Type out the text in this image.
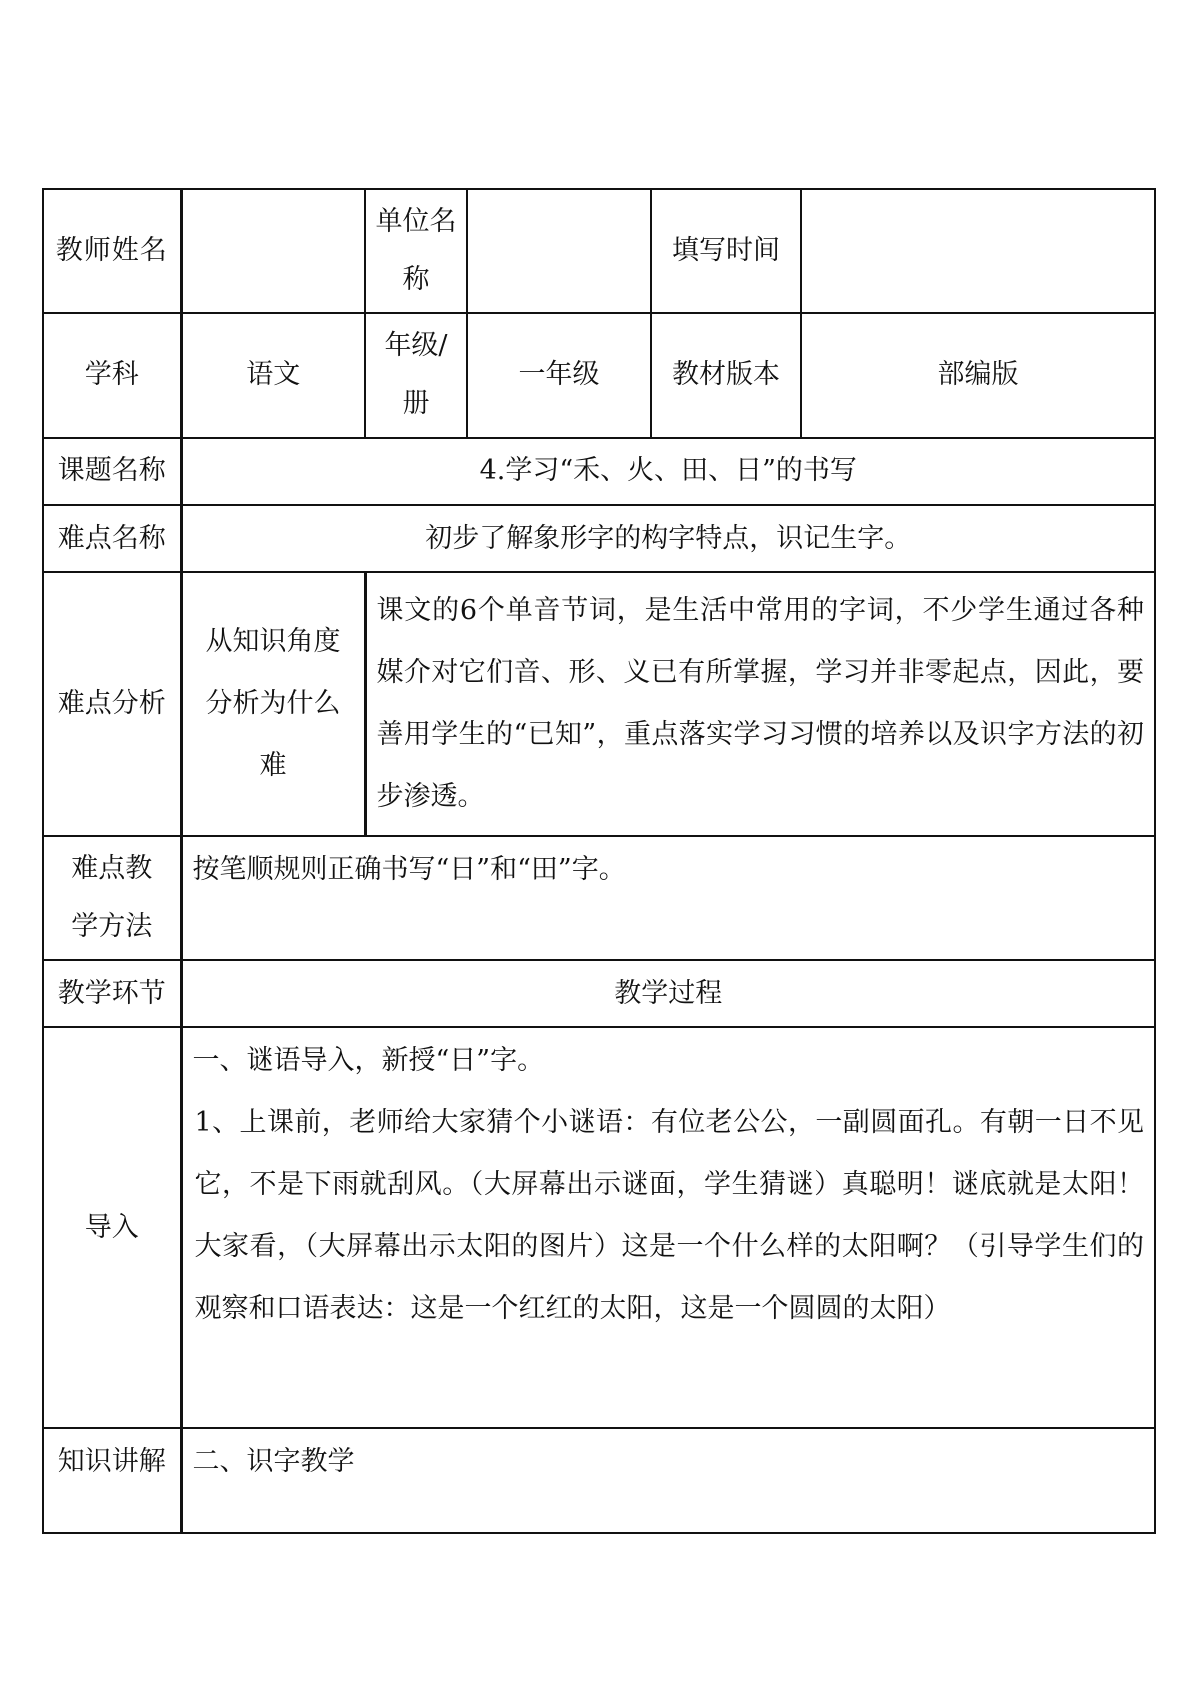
教师姓名		单位名称		填写时间	
学科	语文	年级/册	一年级	教材版本	部编版
课题名称	4.学习“禾、火、田、日”的书写				
难点名称	初步了解象形字的构字特点，识记生字。				
难点分析	从知识角度分析为什么难	课文的6个单音节词，是生活中常用的字词，不少学生通过各种媒介对它们音、形、义已有所掌握，学习并非零起点，因此，要善用学生的“已知”，重点落实学习习惯的培养以及识字方法的初步渗透。			

难点教学方法	按笔顺规则正确书写“日”和“田”字。				

教学环节	教学过程				
导入	一、谜语导入，新授“日”字。
1、上课前，老师给大家猜个小谜语：有位老公公，一副圆面孔。有朝一日不见它，不是下雨就刮风。（大屏幕出示谜面，学生猜谜）真聪明！谜底就是太阳！大家看，（大屏幕出示太阳的图片）这是一个什么样的太阳啊？（引导学生们的观察和口语表达：这是一个红红的太阳，这是一个圆圆的太阳）				

知识讲解	二、识字教学				
